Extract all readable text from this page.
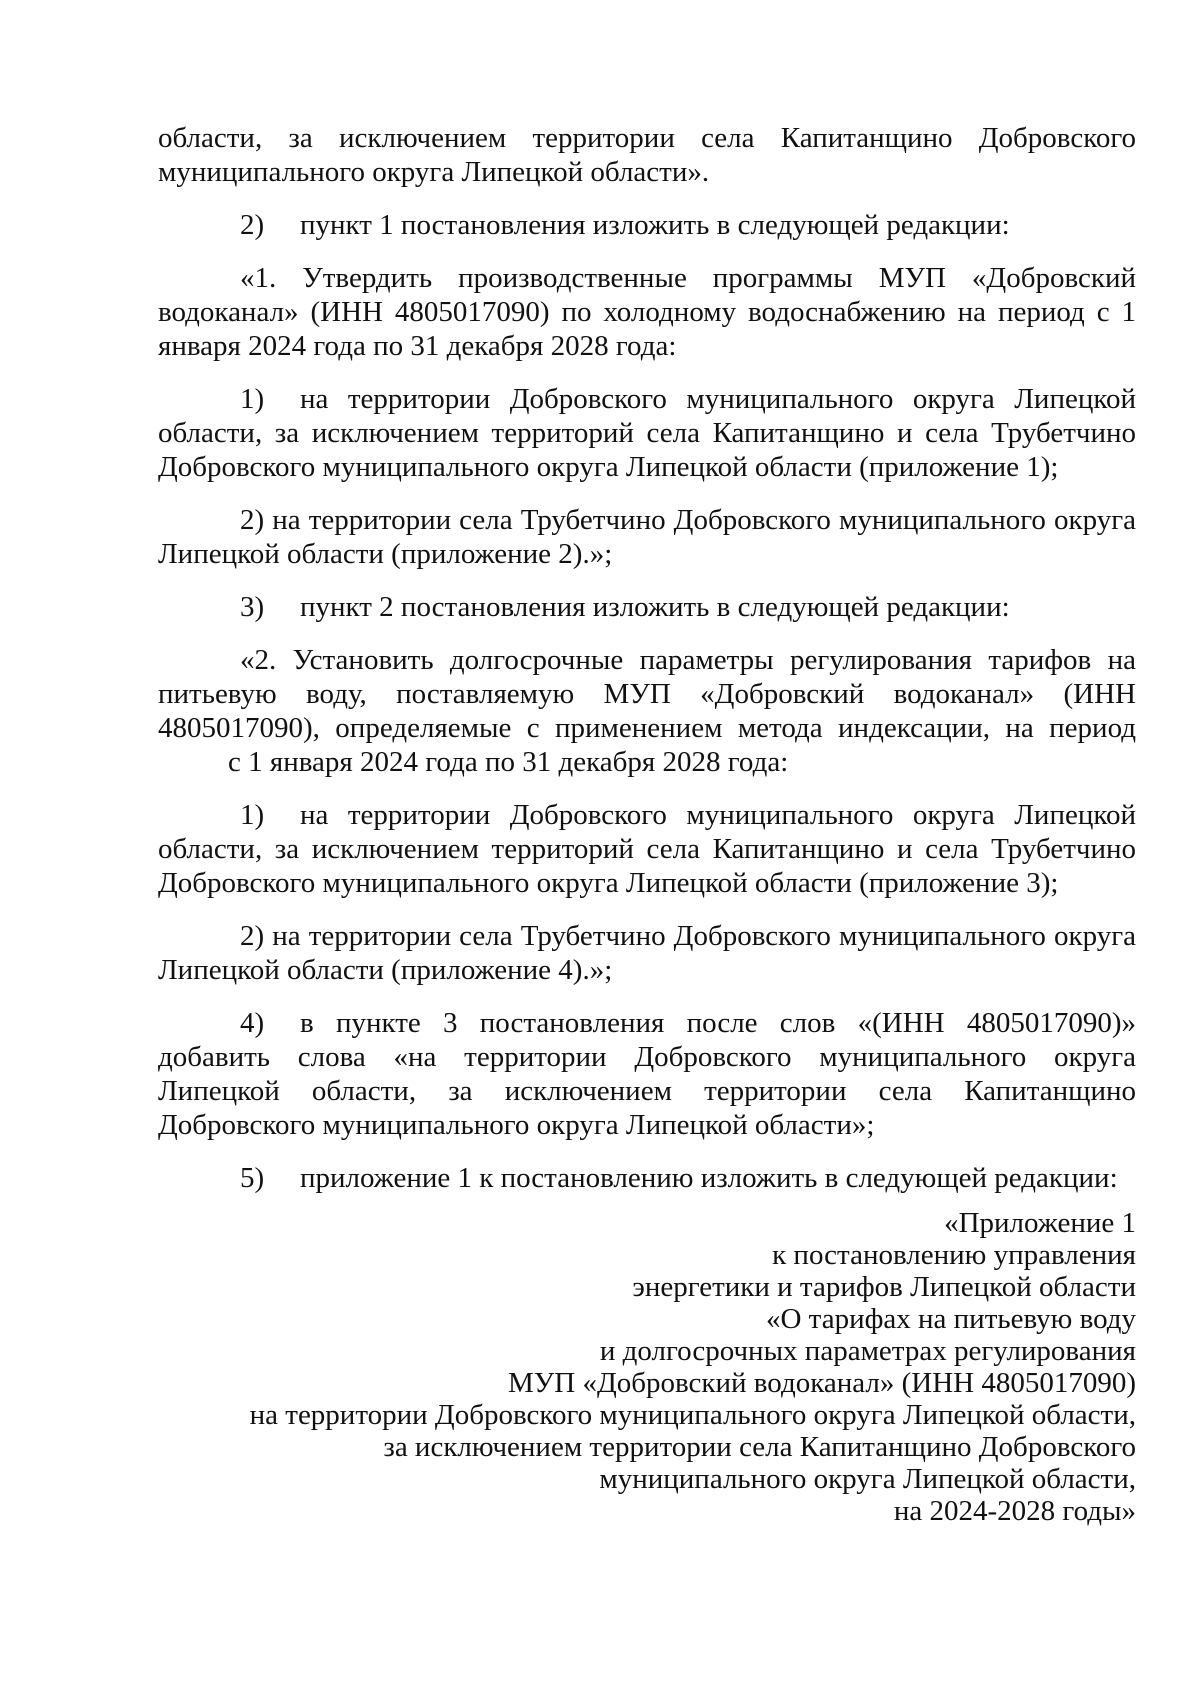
области, за исключением территории села Капитанщино Добровского муниципального округа Липецкой области».

2) пункт 1 постановления изложить в следующей редакции:

«1. Утвердить производственные программы МУП «Добровский водоканал» (ИНН 4805017090) по холодному водоснабжению на период с 1 января 2024 года по 31 декабря 2028 года:

1) на территории Добровского муниципального округа Липецкой области, за исключением территорий села Капитанщино и села Трубетчино Добровского муниципального округа Липецкой области (приложение 1);

2) на территории села Трубетчино Добровского муниципального округа Липецкой области (приложение 2).»;

3) пункт 2 постановления изложить в следующей редакции:

«2. Установить долгосрочные параметры регулирования тарифов на питьевую воду, поставляемую МУП «Добровский водоканал» (ИНН 4805017090), определяемые с применением метода индексации, на периодс 1 января 2024 года по 31 декабря 2028 года:

1) на территории Добровского муниципального округа Липецкой области, за исключением территорий села Капитанщино и села Трубетчино Добровского муниципального округа Липецкой области (приложение 3);

2) на территории села Трубетчино Добровского муниципального округа Липецкой области (приложение 4).»;

4) в пункте 3 постановления после слов «(ИНН 4805017090)» добавить слова «на территории Добровского муниципального округа Липецкой области, за исключением территории села Капитанщино Добровского муниципального округа Липецкой области»;

5) приложение 1 к постановлению изложить в следующей редакции:

«Приложение 1
к постановлению управления
энергетики и тарифов Липецкой области
«О тарифах на питьевую воду
и долгосрочных параметрах регулирования
МУП «Добровский водоканал» (ИНН 4805017090)
на территории Добровского муниципального округа Липецкой области,
за исключением территории села Капитанщино Добровского
муниципального округа Липецкой области,
на 2024-2028 годы»
